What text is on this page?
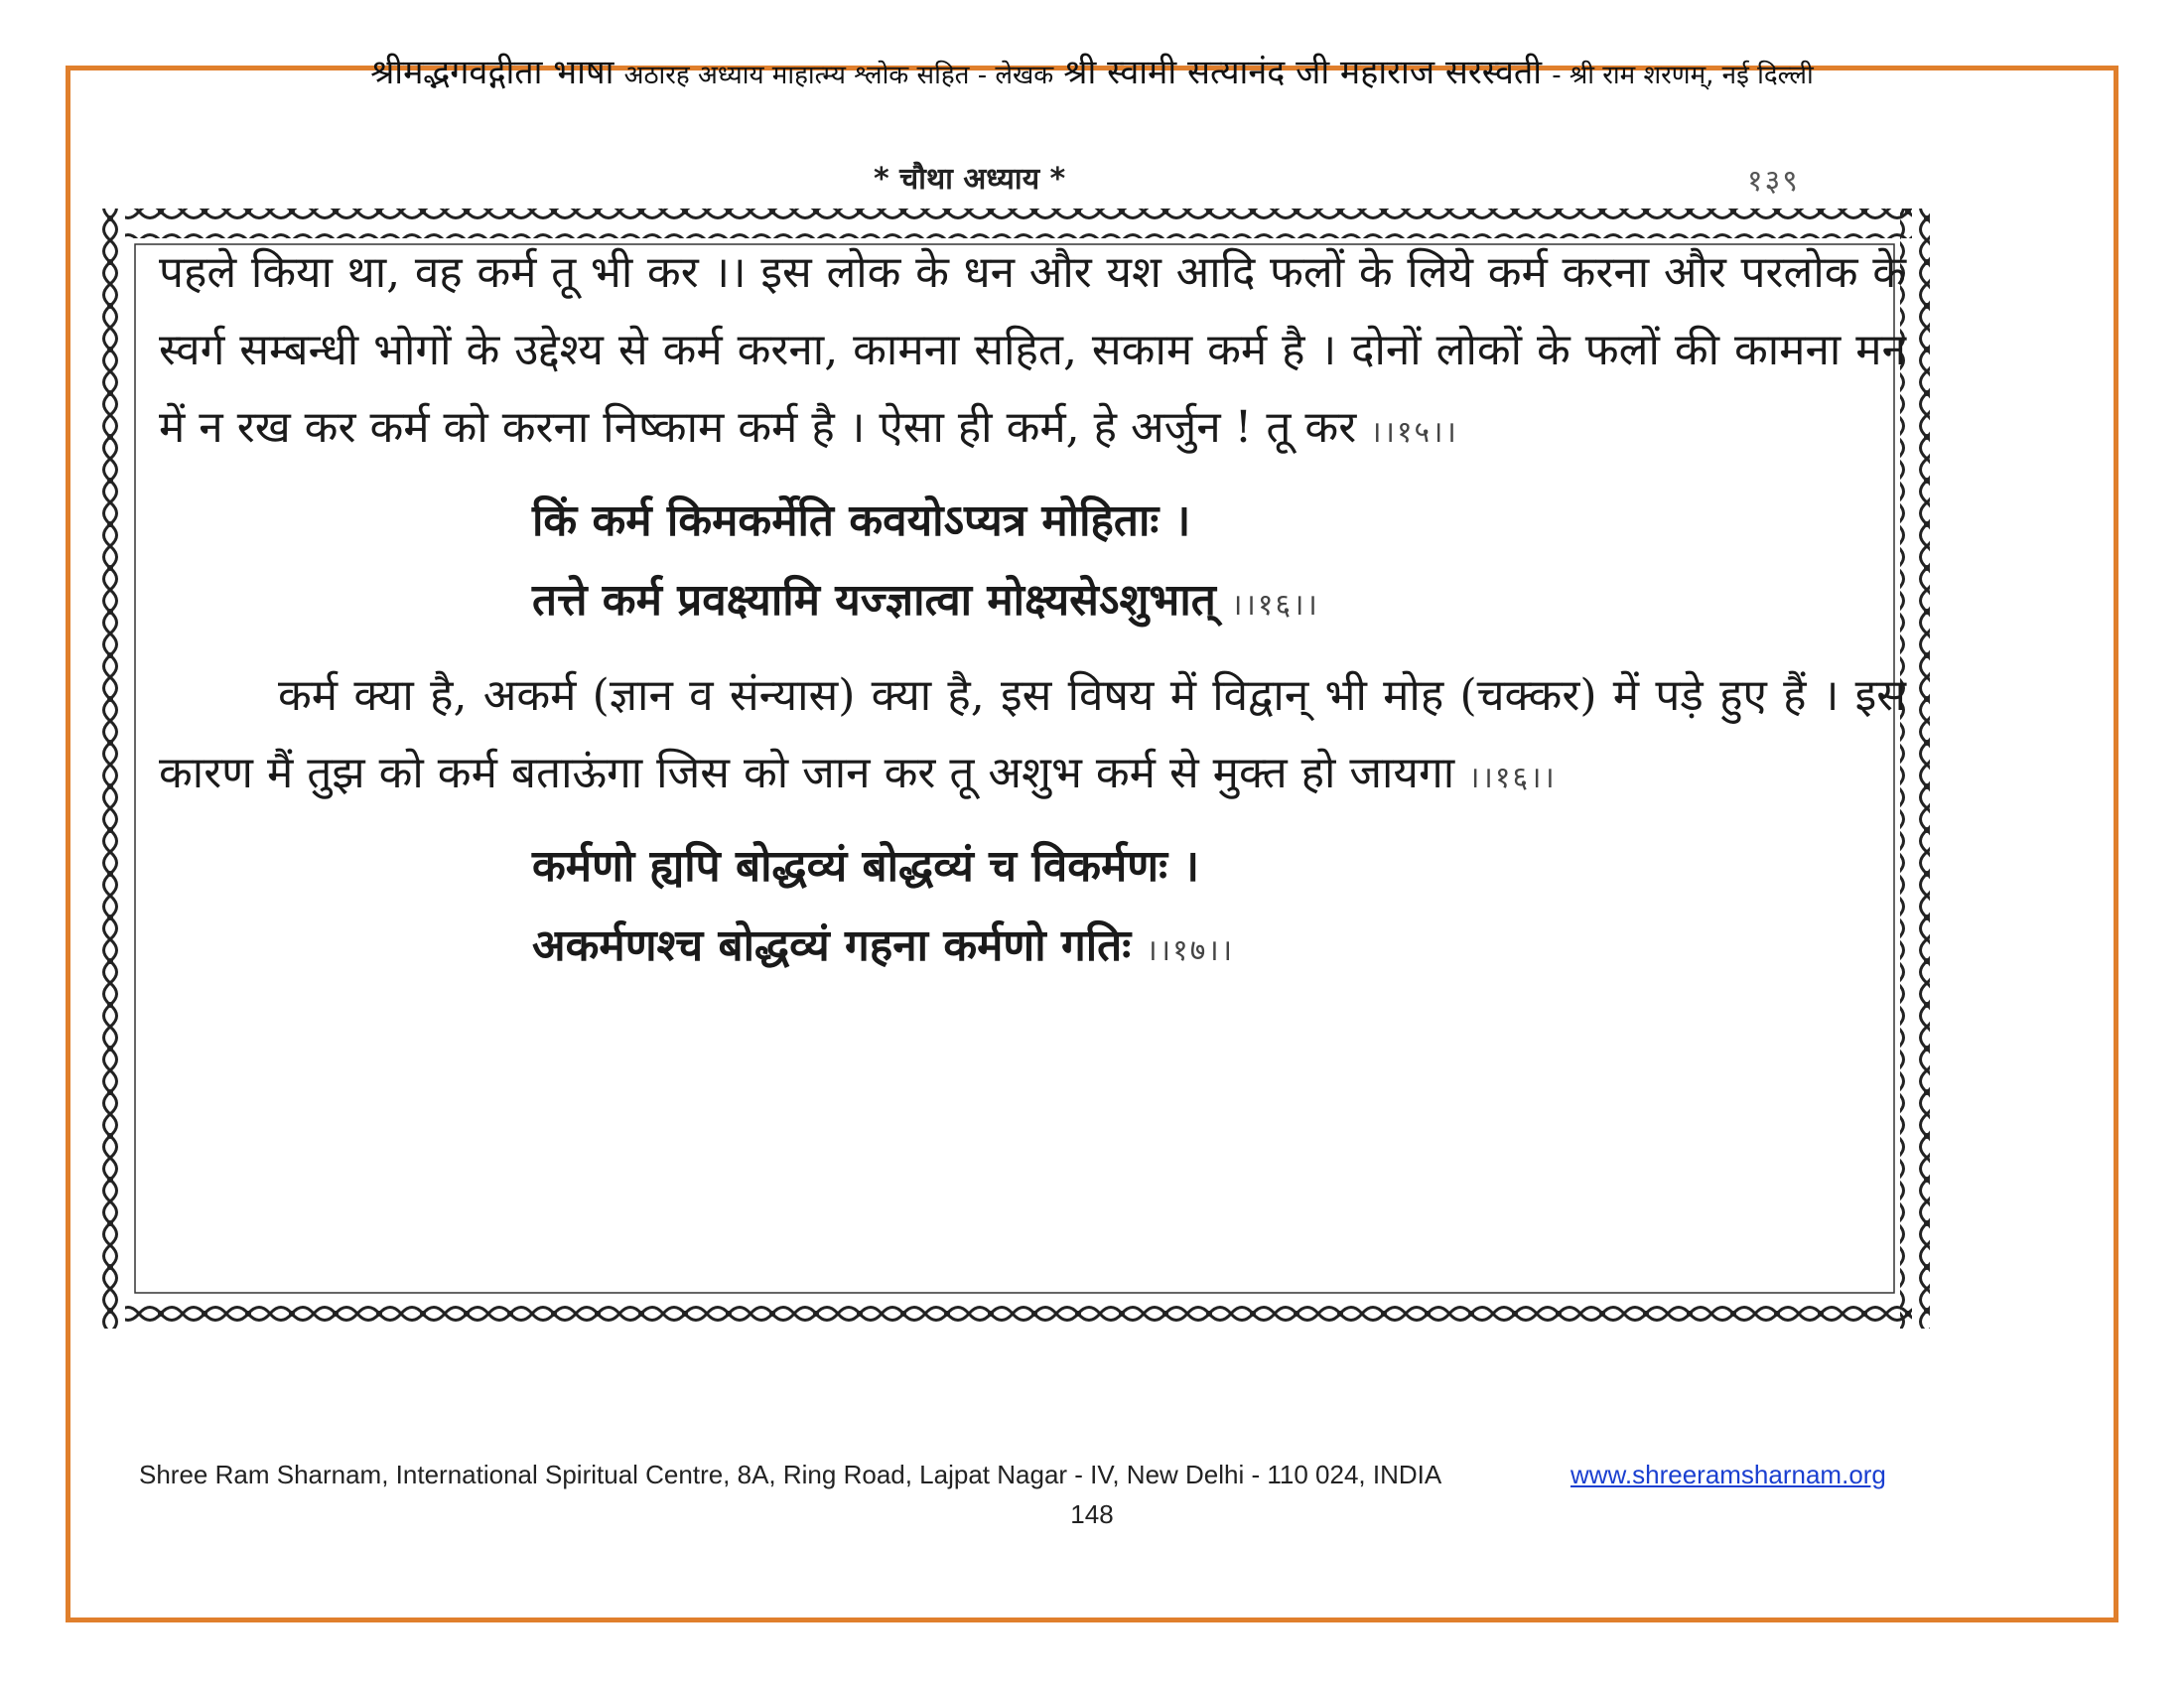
श्रीमद्भगवद्गीता भाषा अठारह अध्याय माहात्म्य श्लोक सहित - लेखक श्री स्वामी सत्यानंद जी महाराज सरस्वती - श्री राम शरणम्, नई दिल्ली
* चौथा अध्याय *	१३९

पहले किया था, वह कर्म तू भी कर ।। इस लोक के धन और यश आदि फलों के लिये कर्म करना और परलोक के स्वर्ग सम्बन्धी भोगों के उद्देश्य से कर्म करना, कामना सहित, सकाम कर्म है । दोनों लोकों के फलों की कामना मन में न रख कर कर्म को करना निष्काम कर्म है । ऐसा ही कर्म, हे अर्जुन ! तू कर ।।१५।।

किं कर्म किमकर्मेति कवयोऽप्यत्र मोहिताः ।

तत्ते कर्म प्रवक्ष्यामि यज्ज्ञात्वा मोक्ष्यसेऽशुभात् ।।१६।।

कर्म क्या है, अकर्म (ज्ञान व संन्यास) क्या है, इस विषय में विद्वान् भी मोह (चक्कर) में पड़े हुए हैं । इस कारण मैं तुझ को कर्म बताऊंगा जिस को जान कर तू अशुभ कर्म से मुक्त हो जायगा ।।१६।।

कर्मणो ह्यपि बोद्धव्यं बोद्धव्यं च विकर्मणः ।

अकर्मणश्च बोद्धव्यं गहना कर्मणो गतिः ।।१७।।

Shree Ram Sharnam, International Spiritual Centre, 8A, Ring Road, Lajpat Nagar - IV, New Delhi - 110 024, INDIA	www.shreeramsharnam.org
148
